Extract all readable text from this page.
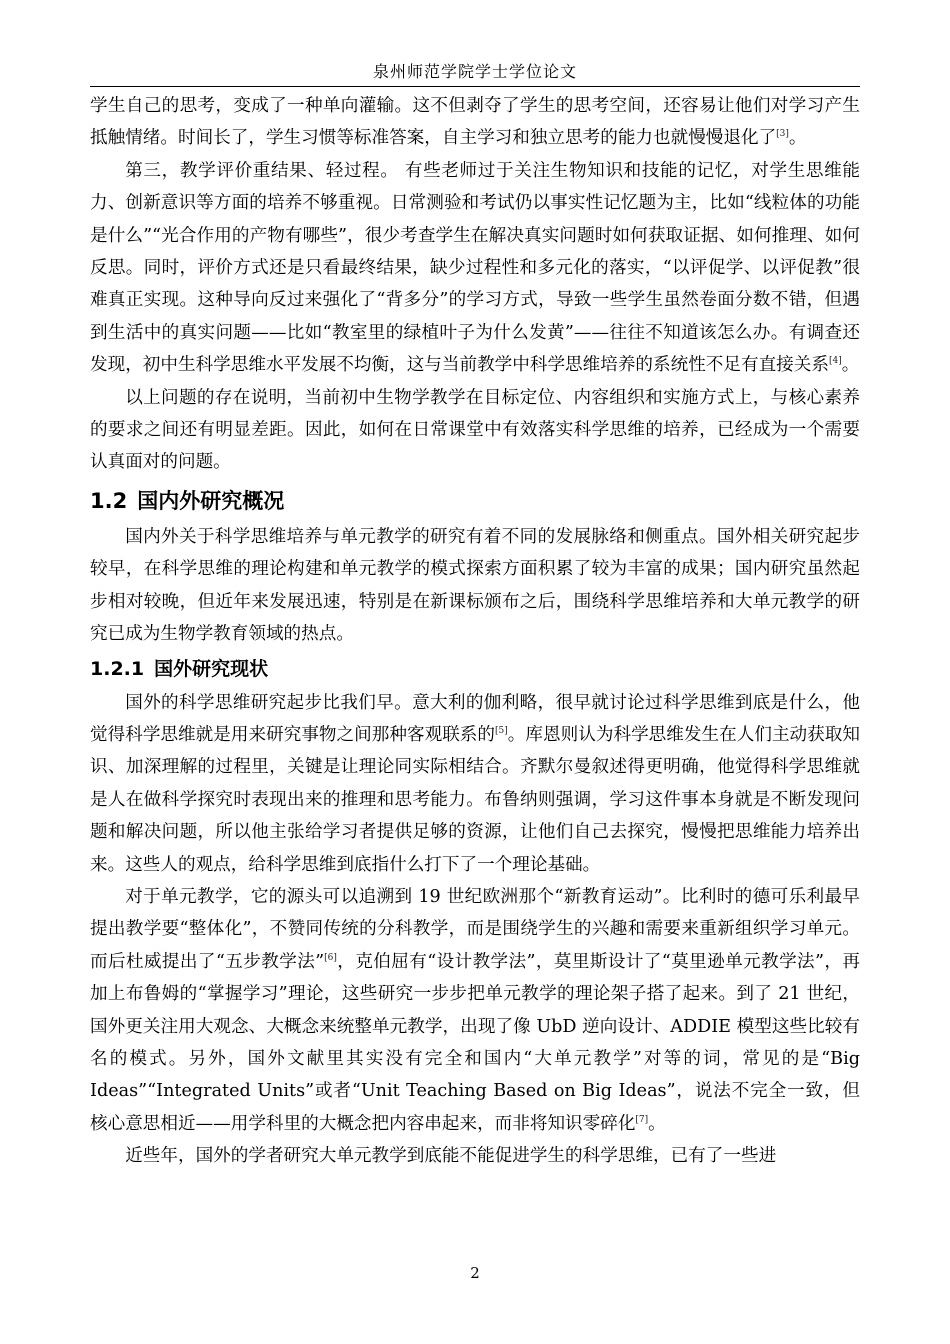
泉州师范学院学士学位论文

学生自己的思考，变成了一种单向灌输。这不但剥夺了学生的思考空间，还容易让他们对学习产生抵触情绪。时间长了，学生习惯等标准答案，自主学习和独立思考的能力也就慢慢退化了[3]。

第三，教学评价重结果、轻过程。 有些老师过于关注生物知识和技能的记忆，对学生思维能力、创新意识等方面的培养不够重视。日常测验和考试仍以事实性记忆题为主，比如“线粒体的功能是什么”“光合作用的产物有哪些”，很少考查学生在解决真实问题时如何获取证据、如何推理、如何反思。同时，评价方式还是只看最终结果，缺少过程性和多元化的落实，“以评促学、以评促教”很难真正实现。这种导向反过来强化了“背多分”的学习方式，导致一些学生虽然卷面分数不错，但遇到生活中的真实问题——比如“教室里的绿植叶子为什么发黄”——往往不知道该怎么办。有调查还发现，初中生科学思维水平发展不均衡，这与当前教学中科学思维培养的系统性不足有直接关系[4]。

以上问题的存在说明，当前初中生物学教学在目标定位、内容组织和实施方式上，与核心素养的要求之间还有明显差距。因此，如何在日常课堂中有效落实科学思维的培养，已经成为一个需要认真面对的问题。

1.2 国内外研究概况

国内外关于科学思维培养与单元教学的研究有着不同的发展脉络和侧重点。国外相关研究起步较早，在科学思维的理论构建和单元教学的模式探索方面积累了较为丰富的成果；国内研究虽然起步相对较晚，但近年来发展迅速，特别是在新课标颁布之后，围绕科学思维培养和大单元教学的研究已成为生物学教育领域的热点。

1.2.1 国外研究现状

国外的科学思维研究起步比我们早。意大利的伽利略，很早就讨论过科学思维到底是什么，他觉得科学思维就是用来研究事物之间那种客观联系的[5]。库恩则认为科学思维发生在人们主动获取知识、加深理解的过程里，关键是让理论同实际相结合。齐默尔曼叙述得更明确，他觉得科学思维就是人在做科学探究时表现出来的推理和思考能力。布鲁纳则强调，学习这件事本身就是不断发现问题和解决问题，所以他主张给学习者提供足够的资源，让他们自己去探究，慢慢把思维能力培养出来。这些人的观点，给科学思维到底指什么打下了一个理论基础。

对于单元教学，它的源头可以追溯到 19 世纪欧洲那个“新教育运动”。比利时的德可乐利最早提出教学要“整体化”，不赞同传统的分科教学，而是围绕学生的兴趣和需要来重新组织学习单元。而后杜威提出了“五步教学法”[6]，克伯屈有“设计教学法”，莫里斯设计了“莫里逊单元教学法”，再加上布鲁姆的“掌握学习”理论，这些研究一步步把单元教学的理论架子搭了起来。到了 21 世纪，国外更关注用大观念、大概念来统整单元教学，出现了像 UbD 逆向设计、ADDIE 模型这些比较有名的模式。另外，国外文献里其实没有完全和国内“大单元教学”对等的词，常见的是“Big Ideas”“Integrated Units”或者“Unit Teaching Based on Big Ideas”，说法不完全一致，但核心意思相近——用学科里的大概念把内容串起来，而非将知识零碎化[7]。

近些年，国外的学者研究大单元教学到底能不能促进学生的科学思维，已有了一些进

2
